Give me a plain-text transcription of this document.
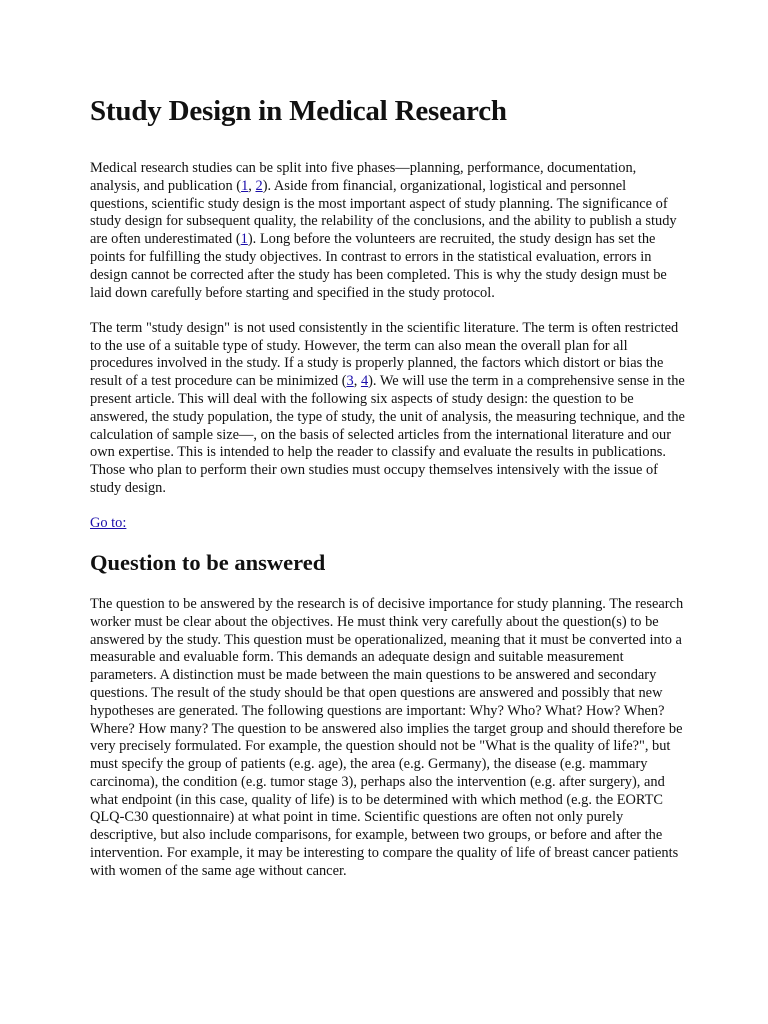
Study Design in Medical Research

Medical research studies can be split into five phases—planning, performance, documentation, analysis, and publication (1, 2). Aside from financial, organizational, logistical and personnel questions, scientific study design is the most important aspect of study planning. The significance of study design for subsequent quality, the relability of the conclusions, and the ability to publish a study are often underestimated (1). Long before the volunteers are recruited, the study design has set the points for fulfilling the study objectives. In contrast to errors in the statistical evaluation, errors in design cannot be corrected after the study has been completed. This is why the study design must be laid down carefully before starting and specified in the study protocol.

The term "study design" is not used consistently in the scientific literature. The term is often restricted to the use of a suitable type of study. However, the term can also mean the overall plan for all procedures involved in the study. If a study is properly planned, the factors which distort or bias the result of a test procedure can be minimized (3, 4). We will use the term in a comprehensive sense in the present article. This will deal with the following six aspects of study design: the question to be answered, the study population, the type of study, the unit of analysis, the measuring technique, and the calculation of sample size—, on the basis of selected articles from the international literature and our own expertise. This is intended to help the reader to classify and evaluate the results in publications. Those who plan to perform their own studies must occupy themselves intensively with the issue of study design.

Go to:
Question to be answered

The question to be answered by the research is of decisive importance for study planning. The research worker must be clear about the objectives. He must think very carefully about the question(s) to be answered by the study. This question must be operationalized, meaning that it must be converted into a measurable and evaluable form. This demands an adequate design and suitable measurement parameters. A distinction must be made between the main questions to be answered and secondary questions. The result of the study should be that open questions are answered and possibly that new hypotheses are generated. The following questions are important: Why? Who? What? How? When? Where? How many? The question to be answered also implies the target group and should therefore be very precisely formulated. For example, the question should not be "What is the quality of life?", but must specify the group of patients (e.g. age), the area (e.g. Germany), the disease (e.g. mammary carcinoma), the condition (e.g. tumor stage 3), perhaps also the intervention (e.g. after surgery), and what endpoint (in this case, quality of life) is to be determined with which method (e.g. the EORTC QLQ-C30 questionnaire) at what point in time. Scientific questions are often not only purely descriptive, but also include comparisons, for example, between two groups, or before and after the intervention. For example, it may be interesting to compare the quality of life of breast cancer patients with women of the same age without cancer.
